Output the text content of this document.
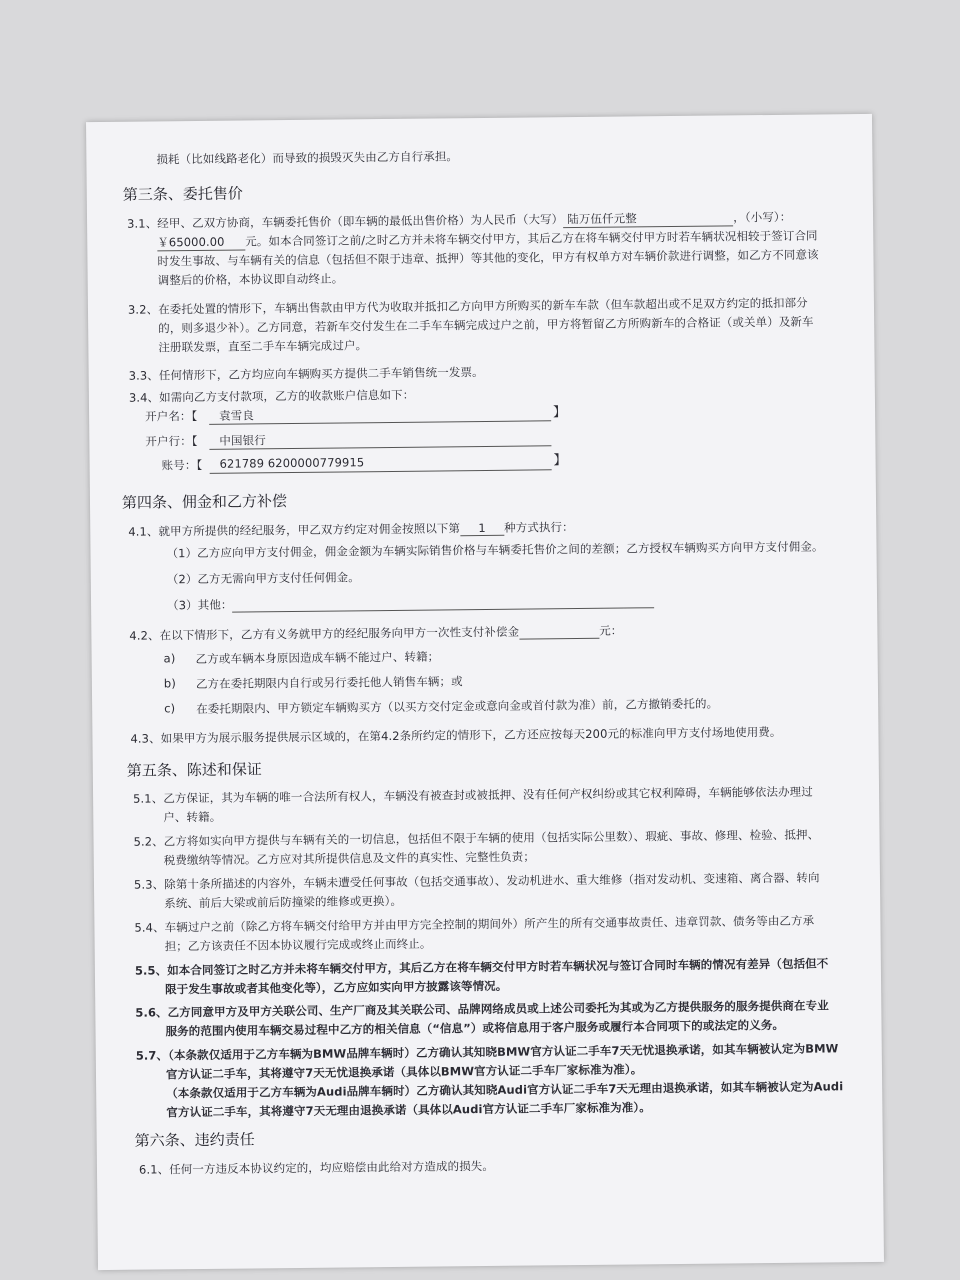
损耗（比如线路老化）而导致的损毁灭失由乙方自行承担。
第三条、委托售价
3.1、经甲、乙双方协商，车辆委托售价（即车辆的最低出售价格）为人民币（大写） 陆万伍仟元整	，（小写）：
￥65000.00 元。如本合同签订之前/之时乙方并未将车辆交付甲方，其后乙方在将车辆交付甲方时若车辆状况相较于签订合同
时发生事故、与车辆有关的信息（包括但不限于违章、抵押）等其他的变化，甲方有权单方对车辆价款进行调整，如乙方不同意该
调整后的价格，本协议即自动终止。
3.2、在委托处置的情形下，车辆出售款由甲方代为收取并抵扣乙方向甲方所购买的新车车款（但车款超出或不足双方约定的抵扣部分
的，则多退少补）。乙方同意，若新车交付发生在二手车车辆完成过户之前，甲方将暂留乙方所购新车的合格证（或关单）及新车
注册联发票，直至二手车车辆完成过户。
3.3、任何情形下，乙方均应向车辆购买方提供二手车销售统一发票。
3.4、如需向乙方支付款项，乙方的收款账户信息如下：
开户名：【 袁雪良	】
开户行：【 中国银行
账号：【 621789 6200000779915	】
第四条、佣金和乙方补偿
4.1、就甲方所提供的经纪服务，甲乙双方约定对佣金按照以下第 1 种方式执行：
（1）乙方应向甲方支付佣金，佣金金额为车辆实际销售价格与车辆委托售价之间的差额；乙方授权车辆购买方向甲方支付佣金。
（2）乙方无需向甲方支付任何佣金。
（3）其他：
4.2、在以下情形下，乙方有义务就甲方的经纪服务向甲方一次性支付补偿金	元：
a) 乙方或车辆本身原因造成车辆不能过户、转籍；
b) 乙方在委托期限内自行或另行委托他人销售车辆；或
c) 在委托期限内、甲方锁定车辆购买方（以买方交付定金或意向金或首付款为准）前，乙方撤销委托的。
4.3、如果甲方为展示服务提供展示区域的，在第4.2条所约定的情形下，乙方还应按每天200元的标准向甲方支付场地使用费。
第五条、陈述和保证
5.1、乙方保证，其为车辆的唯一合法所有权人，车辆没有被查封或被抵押、没有任何产权纠纷或其它权利障碍，车辆能够依法办理过
户、转籍。
5.2、乙方将如实向甲方提供与车辆有关的一切信息，包括但不限于车辆的使用（包括实际公里数）、瑕疵、事故、修理、检验、抵押、
税费缴纳等情况。乙方应对其所提供信息及文件的真实性、完整性负责；
5.3、除第十条所描述的内容外，车辆未遭受任何事故（包括交通事故）、发动机进水、重大维修（指对发动机、变速箱、离合器、转向
系统、前后大梁或前后防撞梁的维修或更换）。
5.4、车辆过户之前（除乙方将车辆交付给甲方并由甲方完全控制的期间外）所产生的所有交通事故责任、违章罚款、债务等由乙方承
担；乙方该责任不因本协议履行完成或终止而终止。
5.5、如本合同签订之时乙方并未将车辆交付甲方，其后乙方在将车辆交付甲方时若车辆状况与签订合同时车辆的情况有差异（包括但不
限于发生事故或者其他变化等），乙方应如实向甲方披露该等情况。
5.6、乙方同意甲方及甲方关联公司、生产厂商及其关联公司、品牌网络成员或上述公司委托为其或为乙方提供服务的服务提供商在专业
服务的范围内使用车辆交易过程中乙方的相关信息（“信息”）或将信息用于客户服务或履行本合同项下的或法定的义务。
5.7、（本条款仅适用于乙方车辆为BMW品牌车辆时）乙方确认其知晓BMW官方认证二手车7天无忧退换承诺，如其车辆被认定为BMW
官方认证二手车，其将遵守7天无忧退换承诺（具体以BMW官方认证二手车厂家标准为准）。
（本条款仅适用于乙方车辆为Audi品牌车辆时）乙方确认其知晓Audi官方认证二手车7天无理由退换承诺，如其车辆被认定为Audi
官方认证二手车，其将遵守7天无理由退换承诺（具体以Audi官方认证二手车厂家标准为准）。
第六条、违约责任
6.1、任何一方违反本协议约定的，均应赔偿由此给对方造成的损失。
